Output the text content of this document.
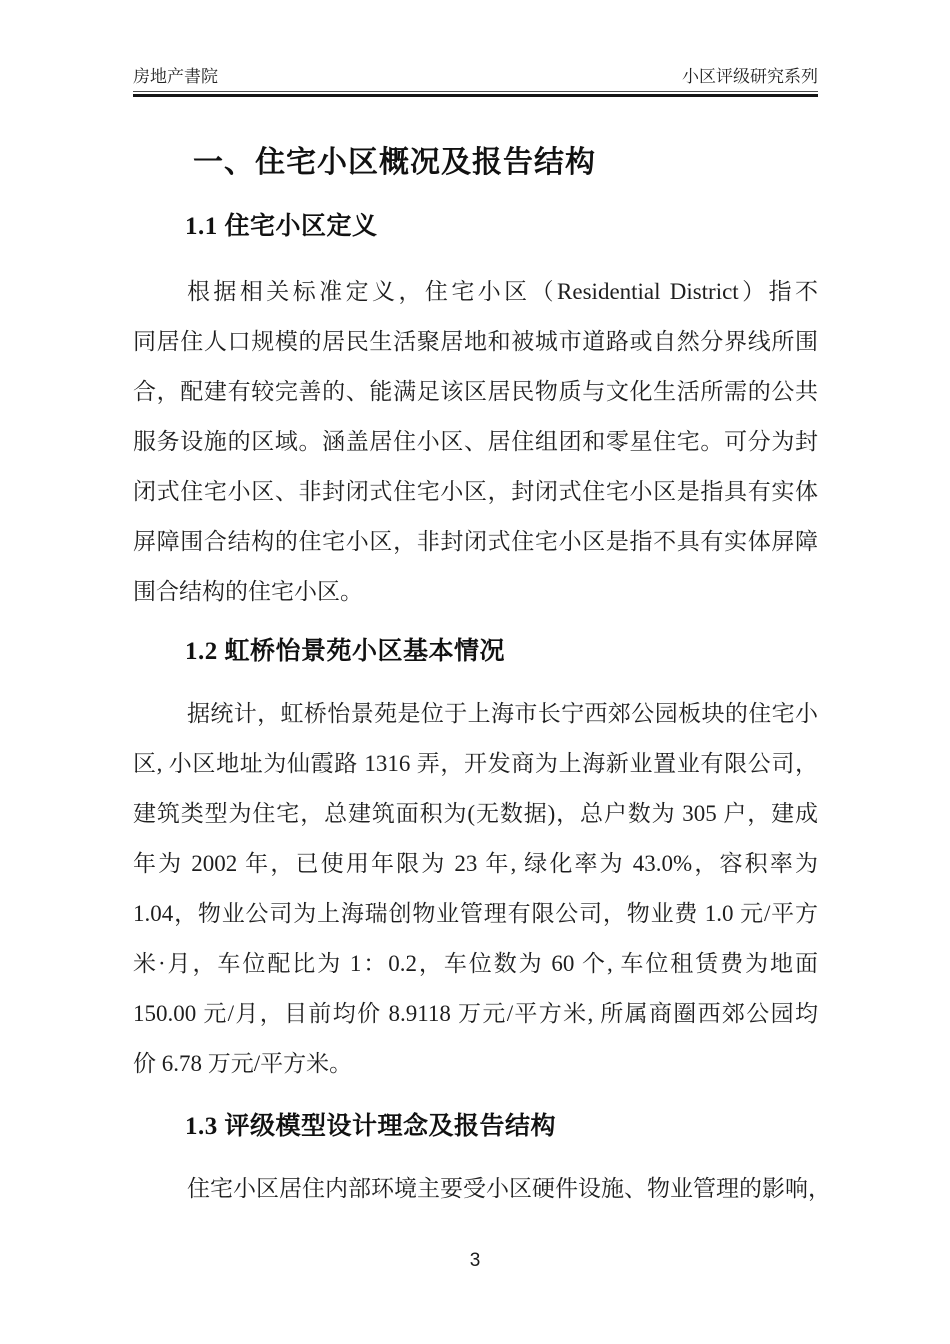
房地产書院	小区评级研究系列
一、住宅小区概况及报告结构
1.1 住宅小区定义
根据相关标准定义，住宅小区（Residential District）指不
同居住人口规模的居民生活聚居地和被城市道路或自然分界线所围
合，配建有较完善的、能满足该区居民物质与文化生活所需的公共
服务设施的区域。涵盖居住小区、居住组团和零星住宅。可分为封
闭式住宅小区、非封闭式住宅小区，封闭式住宅小区是指具有实体
屏障围合结构的住宅小区，非封闭式住宅小区是指不具有实体屏障
围合结构的住宅小区。
1.2 虹桥怡景苑小区基本情况
据统计，虹桥怡景苑是位于上海市长宁西郊公园板块的住宅小
区, 小区地址为仙霞路 1316 弄，开发商为上海新业置业有限公司，
建筑类型为住宅，总建筑面积为(无数据)，总户数为 305 户，建成
年为 2002 年，已使用年限为 23 年, 绿化率为 43.0%，容积率为
1.04，物业公司为上海瑞创物业管理有限公司，物业费 1.0 元/平方
米·月，车位配比为 1：0.2，车位数为 60 个, 车位租赁费为地面
150.00 元/月，目前均价 8.9118 万元/平方米, 所属商圈西郊公园均
价 6.78 万元/平方米。
1.3 评级模型设计理念及报告结构
住宅小区居住内部环境主要受小区硬件设施、物业管理的影响，
3
